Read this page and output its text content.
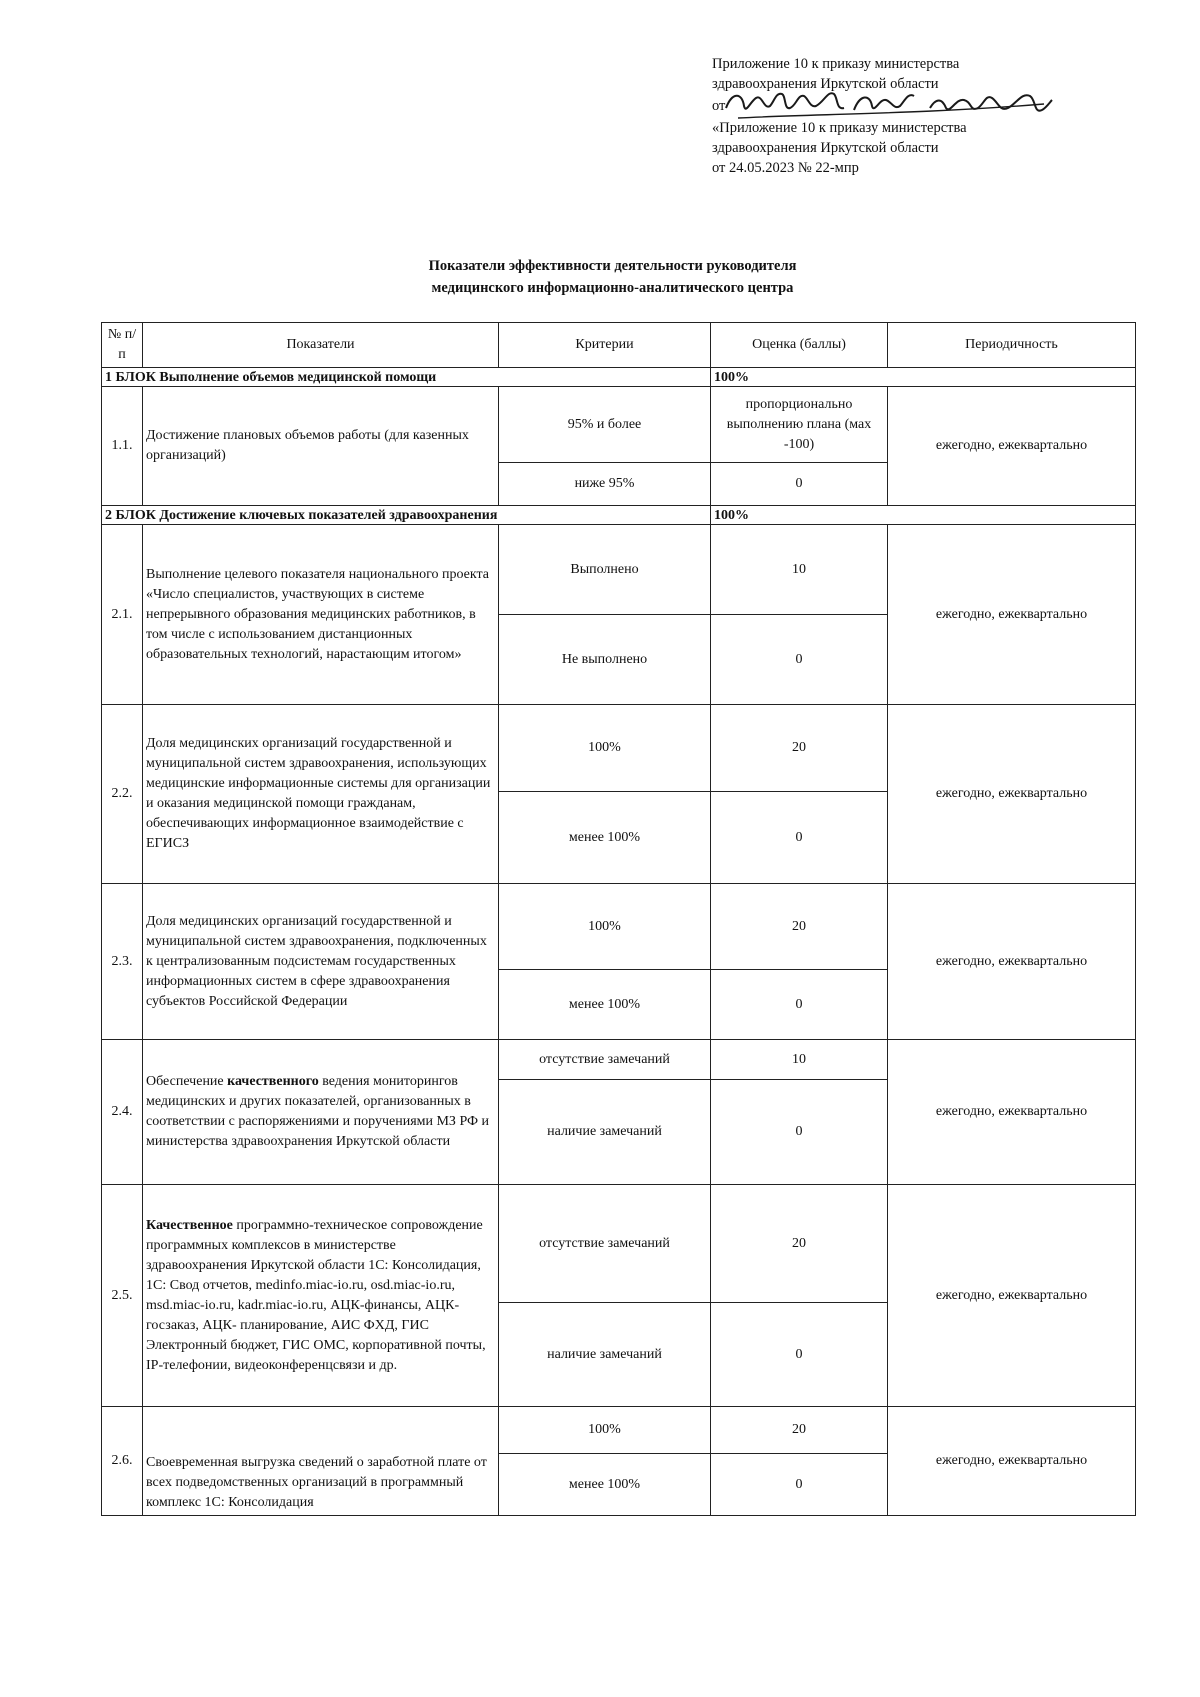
Приложение 10 к приказу министерства
здравоохранения Иркутской области
от
«Приложение 10 к приказу министерства
здравоохранения Иркутской области
от 24.05.2023 № 22-мпр
Показатели эффективности деятельности руководителя
медицинского информационно-аналитического центра
№ п/п	Показатели	Критерии	Оценка (баллы)	Периодичность
1 БЛОК Выполнение объемов медицинской помощи			100%	
1.1.	Достижение плановых объемов работы (для казенных организаций)	95% и более	пропорционально выполнению плана (мах -100)	ежегодно, ежеквартально
		ниже 95%	0	
2 БЛОК Достижение ключевых показателей здравоохранения			100%	
2.1.	Выполнение целевого показателя национального проекта «Число специалистов, участвующих в системе непрерывного образования медицинских работников, в том числе с использованием дистанционных образовательных технологий, нарастающим итогом»	Выполнено	10	ежегодно, ежеквартально
		Не выполнено	0	
2.2.	Доля медицинских организаций государственной и муниципальной систем здравоохранения, использующих медицинские информационные системы для организации и оказания медицинской помощи гражданам, обеспечивающих информационное взаимодействие с ЕГИСЗ	100%	20	ежегодно, ежеквартально
		менее 100%	0	
2.3.	Доля медицинских организаций государственной и муниципальной систем здравоохранения, подключенных к централизованным подсистемам государственных информационных систем в сфере здравоохранения субъектов Российской Федерации	100%	20	ежегодно, ежеквартально
		менее 100%	0	
2.4.	Обеспечение качественного ведения мониторингов медицинских и других показателей, организованных в соответствии с распоряжениями и поручениями МЗ РФ и министерства здравоохранения Иркутской области	отсутствие замечаний	10	ежегодно, ежеквартально
		наличие замечаний	0	
2.5.	Качественное программно-техническое сопровождение программных комплексов в министерстве здравоохранения Иркутской области 1С: Консолидация, 1С: Свод отчетов, medinfo.miac-io.ru, osd.miac-io.ru, msd.miac-io.ru, kadr.miac-io.ru, АЦК-финансы, АЦК-госзаказ, АЦК- планирование, АИС ФХД, ГИС Электронный бюджет, ГИС ОМС, корпоративной почты, IP-телефонии, видеоконференцсвязи и др.	отсутствие замечаний	20	ежегодно, ежеквартально
		наличие замечаний	0	
2.6.	Своевременная выгрузка сведений о заработной плате от всех подведомственных организаций в программный комплекс 1С: Консолидация	100%	20	ежегодно, ежеквартально
		менее 100%	0	
